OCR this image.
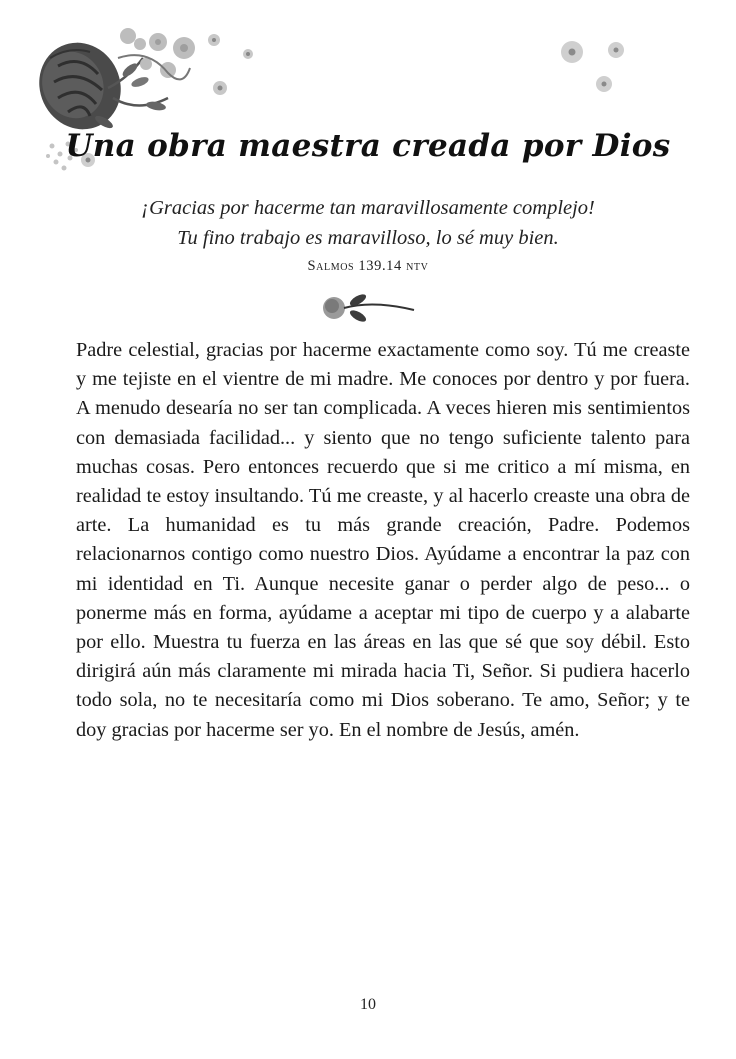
Una obra maestra creada por Dios
¡Gracias por hacerme tan maravillosamente complejo!
Tu fino trabajo es maravilloso, lo sé muy bien.
Salmos 139.14 ntv
Padre celestial, gracias por hacerme exactamente como soy. Tú me creaste y me tejiste en el vientre de mi madre. Me conoces por dentro y por fuera. A menudo desearía no ser tan complicada. A veces hieren mis sentimientos con demasiada facilidad... y siento que no tengo suficiente talento para muchas cosas. Pero entonces recuerdo que si me critico a mí misma, en realidad te estoy insultando. Tú me creaste, y al hacerlo creaste una obra de arte. La humanidad es tu más grande creación, Padre. Podemos relacionarnos contigo como nuestro Dios. Ayúdame a encontrar la paz con mi identidad en Ti. Aunque necesite ganar o perder algo de peso... o ponerme más en forma, ayúdame a aceptar mi tipo de cuerpo y a alabarte por ello. Muestra tu fuerza en las áreas en las que sé que soy débil. Esto dirigirá aún más claramente mi mirada hacia Ti, Señor. Si pudiera hacerlo todo sola, no te necesitaría como mi Dios soberano. Te amo, Señor; y te doy gracias por hacerme ser yo. En el nombre de Jesús, amén.
10
